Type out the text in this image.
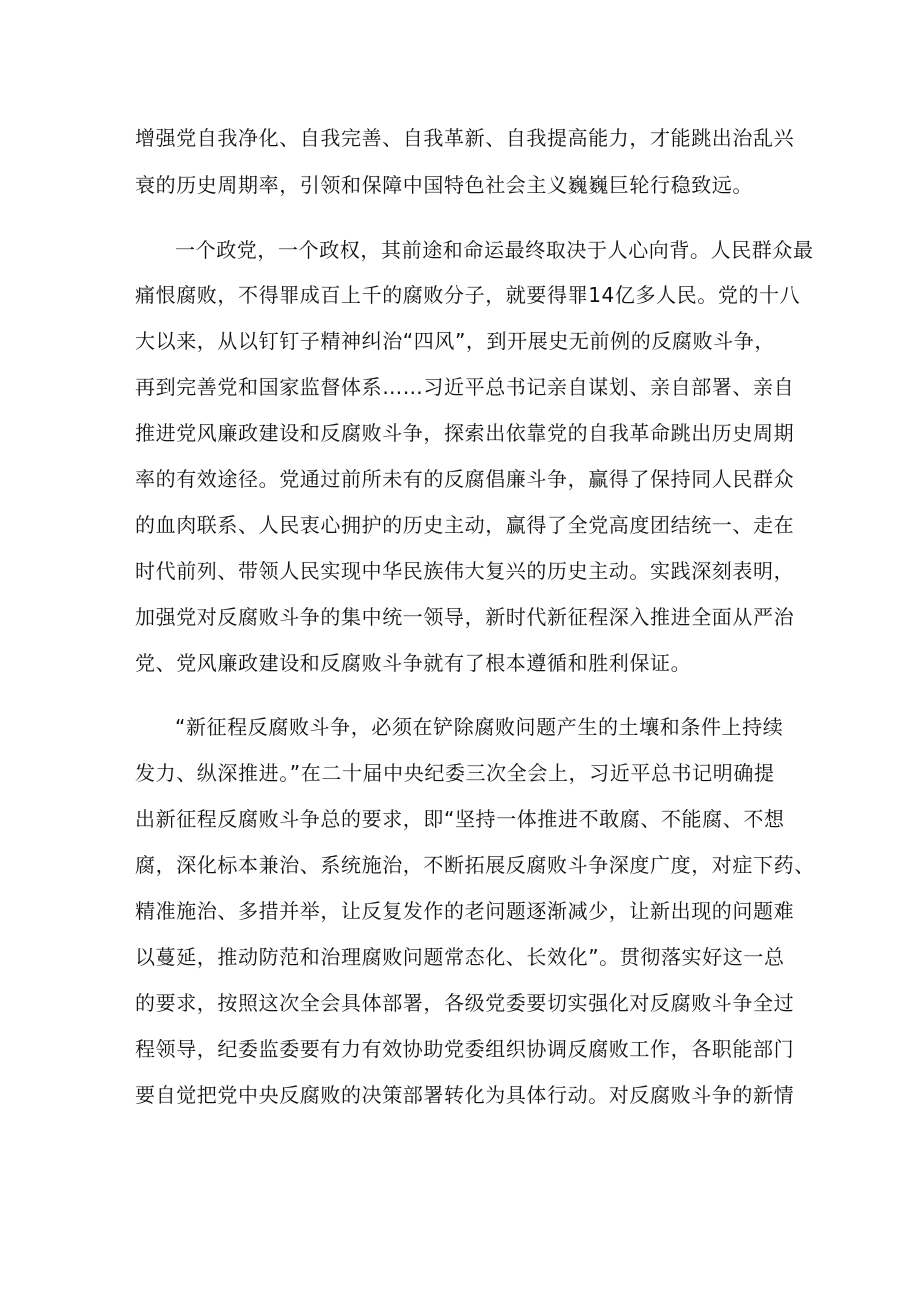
增强党自我净化、自我完善、自我革新、自我提高能力，才能跳出治乱兴
衰的历史周期率，引领和保障中国特色社会主义巍巍巨轮行稳致远。
一个政党，一个政权，其前途和命运最终取决于人心向背。人民群众最
痛恨腐败，不得罪成百上千的腐败分子，就要得罪14亿多人民。党的十八
大以来，从以钉钉子精神纠治“四风”，到开展史无前例的反腐败斗争，
再到完善党和国家监督体系……习近平总书记亲自谋划、亲自部署、亲自
推进党风廉政建设和反腐败斗争，探索出依靠党的自我革命跳出历史周期
率的有效途径。党通过前所未有的反腐倡廉斗争，赢得了保持同人民群众
的血肉联系、人民衷心拥护的历史主动，赢得了全党高度团结统一、走在
时代前列、带领人民实现中华民族伟大复兴的历史主动。实践深刻表明，
加强党对反腐败斗争的集中统一领导，新时代新征程深入推进全面从严治
党、党风廉政建设和反腐败斗争就有了根本遵循和胜利保证。
“新征程反腐败斗争，必须在铲除腐败问题产生的土壤和条件上持续
发力、纵深推进。”在二十届中央纪委三次全会上，习近平总书记明确提
出新征程反腐败斗争总的要求，即“坚持一体推进不敢腐、不能腐、不想
腐，深化标本兼治、系统施治，不断拓展反腐败斗争深度广度，对症下药、
精准施治、多措并举，让反复发作的老问题逐渐减少，让新出现的问题难
以蔓延，推动防范和治理腐败问题常态化、长效化”。贯彻落实好这一总
的要求，按照这次全会具体部署，各级党委要切实强化对反腐败斗争全过
程领导，纪委监委要有力有效协助党委组织协调反腐败工作，各职能部门
要自觉把党中央反腐败的决策部署转化为具体行动。对反腐败斗争的新情
